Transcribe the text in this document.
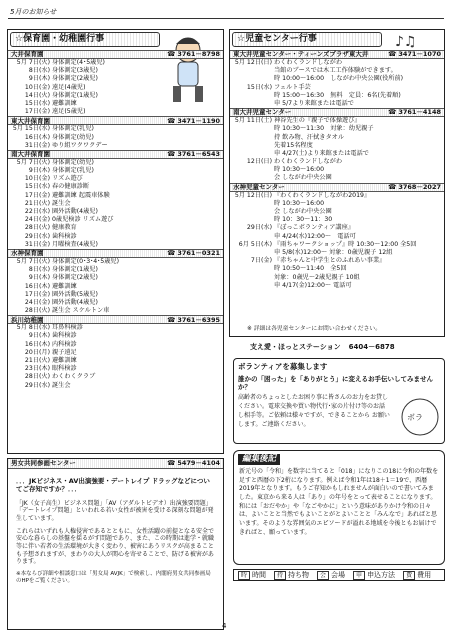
5月のお知らせ
☆保育園・幼稚園行事
大井保育園	☎ 3761－8798
5月 7日(火) 身体測定(4･5歳児)
8日(水) 身体測定(3歳児)
9日(木) 身体測定(2歳児)
10日(金) 遠足(4歳児)
14日(火) 身体測定(1歳児)
15日(水) 避難訓練
17日(金) 遠足(5歳児)
東大井保育園	☎ 3471－1190
5月 15日(水) 身体測定(乳児)
16日(木) 身体測定(幼児)
31日(金) ゆり組ワクワクデー
南大井保育園	☎ 3761－6543
5月 7日(火) 身体測定(幼児)
9日(木) 身体測定(乳児)
10日(金) リズム遊び
15日(水) 春の健康診断
17日(金) 避難訓練 起震車体験
21日(火) 誕生会
22日(水) 園外活動(4歳児)
24日(金) 0歳児検診 リズム遊び
28日(火) 健康教育
29日(水) 歯科検診
31日(金) 月曜検査(4歳児)
水神保育園	☎ 3761－0321
5月 7日(火) 身体測定(0･3･4･5歳児)
8日(水) 身体測定(1歳児)
9日(木) 身体測定(2歳児)
16日(木) 避難訓練
17日(金) 園外活動(5歳児)
24日(金) 園外活動(4歳児)
28日(火) 誕生会 スケルトン車
浜川幼稚園	☎ 3761－6395
5月 8日(水) 耳鼻科検診
9日(木) 歯科検診
16日(木) 内科検診
20日(月) 親子遠足
21日(火) 避難訓練
23日(木) 眼科検診
28日(火) わくわくクラブ
29日(水) 誕生会
☆児童センター行事	♪♫
東大井児童センター・ティーンズプラザ東大井	☎ 3471－1070
5月 12日(日) わくわくランドしながわ
当館のブースでは木工工作体験ができます。
時 10:00～16:00　しながわ中央公園(役所前)
15日(水) フェルト手芸
時 15:00～16:30　無料　定員：6名(先着順)
申 5/7より来館または電話で
南大井児童センター	☎ 3761－4148
5月 11日(土) 神谷先生の『親子で体操遊び』
時 10:30～11:30　対象：幼児親子
持 飲み物、汗拭きタオル
先着15名程度
申 4/27(土)より来館または電話で
12日(日) わくわくランドしながわ
時 10:30～16:00
会 しながわ中央公園
水神児童センター	☎ 3768－2027
5月 12日(日) 『わくわくランドしながわ2019』
時 10:30～16:00
会 しながわ中央公園
時 10：30～11：30
29日(水) 『ぽっこボランティア講座』
申 4/24(水)12:00～　電話可
6月 5日(木) 『雨ちゃワークショップ』時 10:30～12:00 全5回
申 5/8(水)12:00～ 対象：0歳児親子 12組
7日(金) 『赤ちゃんと中学生とのふれあい事業』
時 10:50～11:40　全5回
対象：0歳児～2歳児親子 10組
申 4/17(金)12:00～ 電話可
※ 詳細は各児童センターにお問い合わせください。
支え愛・ほっとステーション 6404－6878
ボランティアを募集します
誰かの「困った」を「ありがとう」に変えるお手伝いしてみませんか？
高齢者のちょっとしたお困り事に皆さんのお力をお貸しください。電球交換や買い物代行･家の片付け等のお話し相手等。ご依頼は様々ですが、できることから お願いします。ご連絡ください。
ボラ
男女共同参画センター	☎ 5479－4104
．．．JKビジネス・AV出演強要・デートレイプ ドラッグなどについてご存知ですか？．．．
「JK（女子高生）ビジネス問題」「AV（アダルトビデオ）出演強要問題」「デートレイプ問題」といわれる若い女性が被害を受ける深刻な問題が発生しています。
これらはいずれも人権侵害であるとともに、女性活躍の前提となる安全で安心な暮らしの基盤を揺るがす問題であり、また、この時期は進学・就職等に伴い若者の生活環境が大きく変わり、被害にあうリスクが高まることも予想されますが、まわりの大人が関心を寄せることで、防げる被害があります。
※本ならび詳細や相談窓口は「男女局 AVJK」で検索し、内閣府男女共同参画局のHPをご覧ください。
編集後記
新元号の「令和」を数字に当てると「018」になりこの18に令和の年数を足すと西暦の下2桁になります。例えば令和1年は18＋1＝19で、西暦2019年となります。もうご存知かもしれませんが面白いので書いてみました。東京から来る人は「あり」の年号をとって表せることになります。和には「おだやか」や「なごやかに」という意味がありかけ令和の日々は、よいことと当然でもよいことがとよいことと「みんなで」あればと思います。そのような雰囲気のエピソードが溢れる地域を今後ともお届けできればと、願っています。
時 時間	持 持ち物	会 会場	申 申込方法	費 費用
4
